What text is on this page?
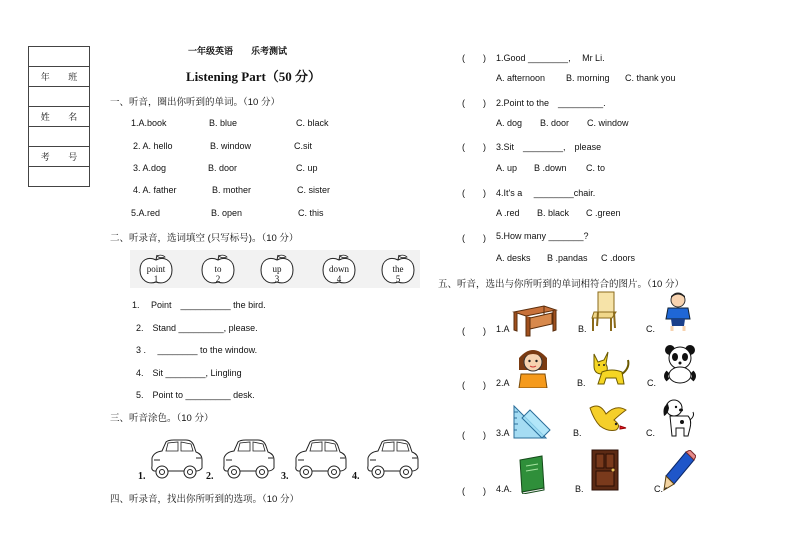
年 班

姓 名

考 号

一年级英语　　乐考测试
Listening Part（50 分）
一、听音，圈出你听到的单词。（10 分）
1.A.book	B. blue	C. black
2. A. hello	B. window	C.sit
3. A.dog	B. door	C. up
4. A. father	B. mother	C. sister
5.A.red	B. open	C. this
二、听录音，选词填空 (只写标号)。（10 分）
point
1
to
2
up
3
down
4
the
5
1.　 Point　__________ the bird.
2.　Stand _________, please.
3 .　 ________ to the window.
4.　Sit ________, Lingling
5.　Point to _________ desk.
三、听音涂色。（10 分）
1.	2.	3.	4.
四、听录音，找出你所听到的选项。（10 分）
(　　) 1.Good ________,　 Mr Li.
A. afternoon B. morning C. thank you
(　　) 2.Point to the　_________.
A. dog B. door C. window
(　　) 3.Sit　________,　please
A. up B .down C. to
(　　) 4.It's a　 ________chair.
A .red B. black C .green
(　　) 5.How many _______?
A. desks B .pandas C .doors
五、听音，选出与你所听到的单词相符合的图片。（10 分）
(　　) 1.A	B.	C.
(　　) 2.A	B.	C.
(　　) 3.A	B.	C.
(　　) 4.A.	B.	C.
